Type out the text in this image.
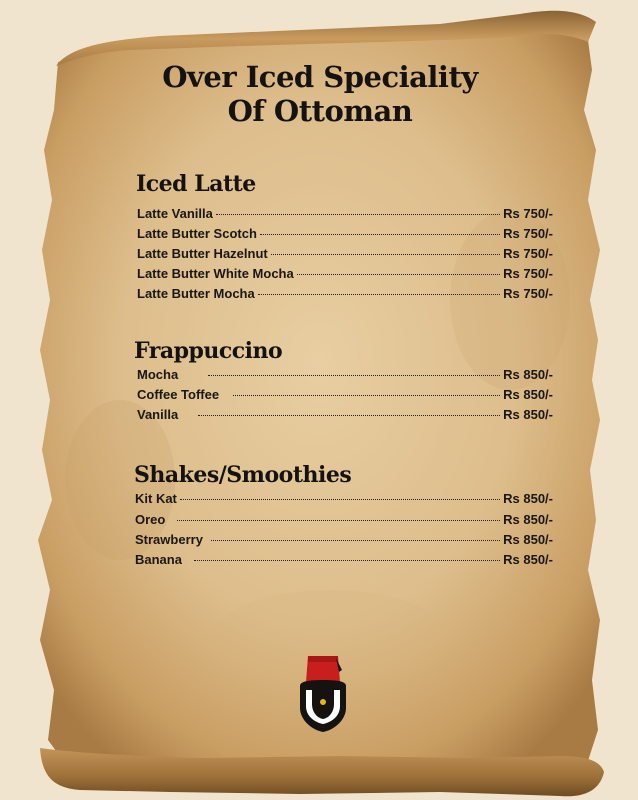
Over Iced Speciality
Of Ottoman
Iced Latte
Latte Vanilla	Rs 750/-
Latte Butter Scotch	Rs 750/-
Latte Butter Hazelnut	Rs 750/-
Latte Butter White Mocha	Rs 750/-
Latte Butter Mocha	Rs 750/-
Frappuccino
Mocha	Rs 850/-
Coffee Toffee	Rs 850/-
Vanilla	Rs 850/-
Shakes/Smoothies
Kit Kat	Rs 850/-
Oreo	Rs 850/-
Strawberry	Rs 850/-
Banana	Rs 850/-
